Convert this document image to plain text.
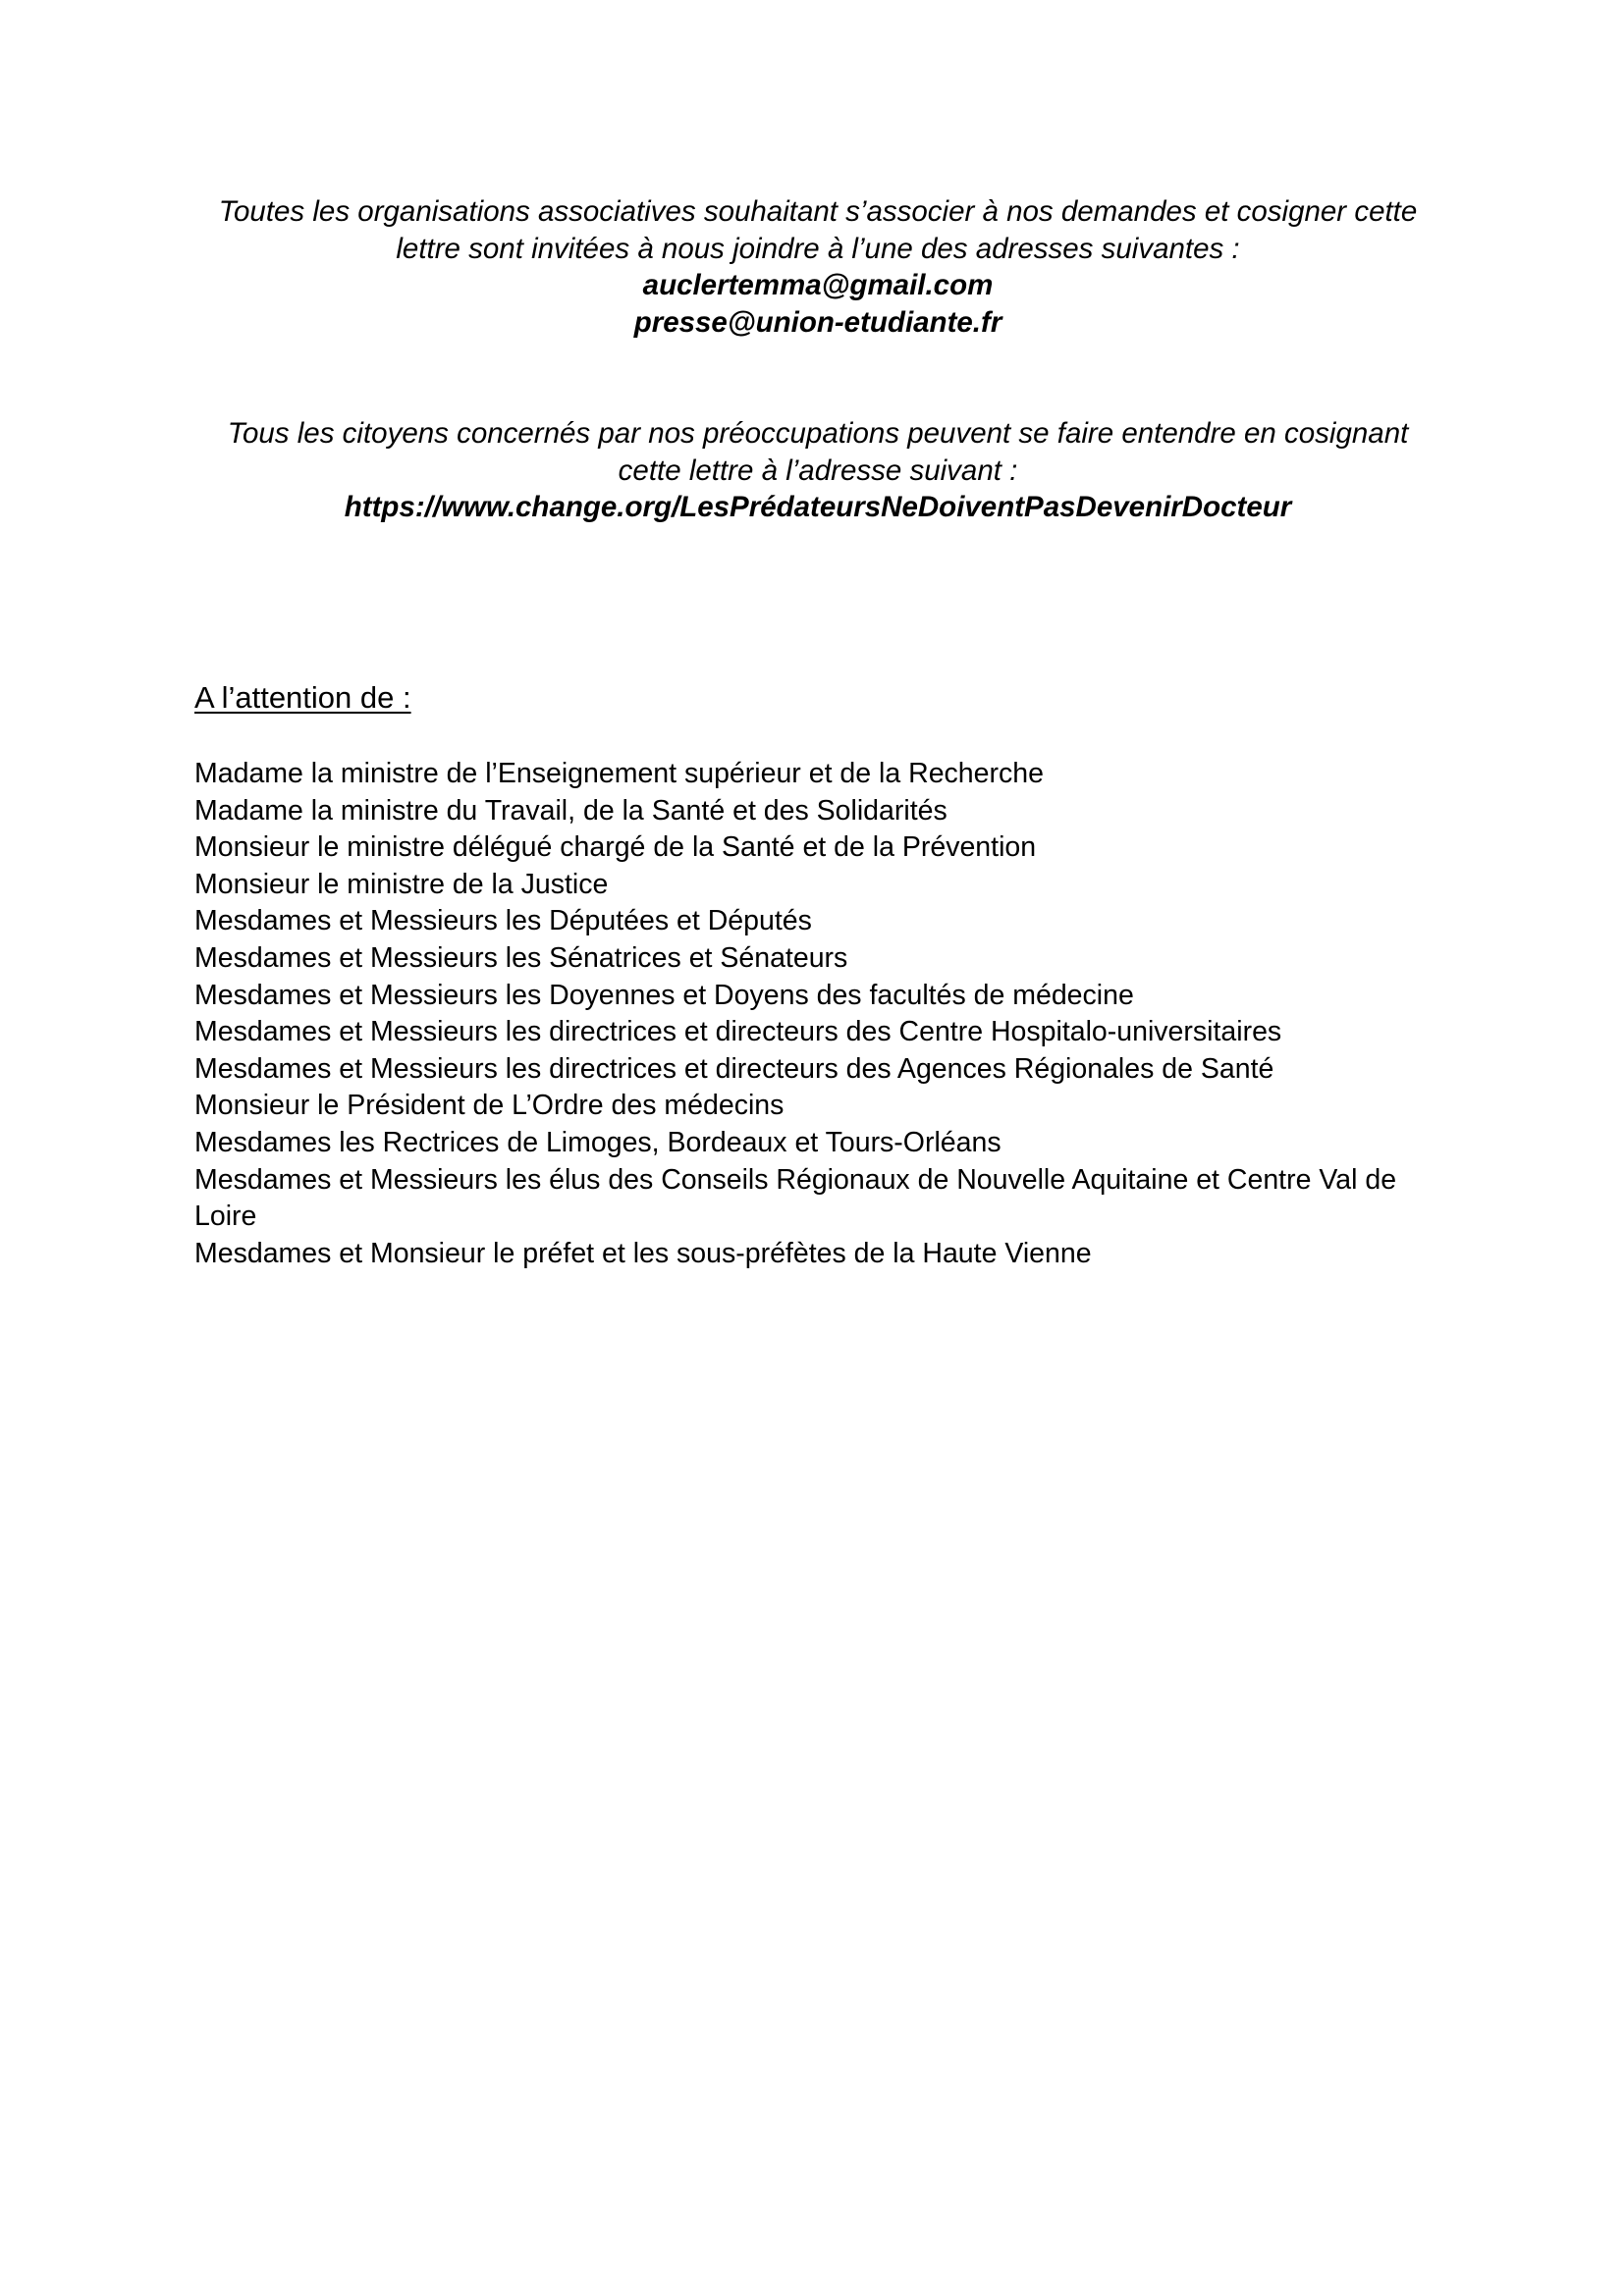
Toutes les organisations associatives souhaitant s’associer à nos demandes et cosigner cette
lettre sont invitées à nous joindre à l’une des adresses suivantes :
auclertemma@gmail.com
presse@union-etudiante.fr
Tous les citoyens concernés par nos préoccupations peuvent se faire entendre en cosignant
cette lettre à l’adresse suivant :
https://www.change.org/LesPrédateursNeDoiventPasDevenirDocteur
A l’attention de :
Madame la ministre de l’Enseignement supérieur et de la Recherche
Madame la ministre du Travail, de la Santé et des Solidarités
Monsieur le ministre délégué chargé de la Santé et de la Prévention
Monsieur le ministre de la Justice
Mesdames et Messieurs les Députées et Députés
Mesdames et Messieurs les Sénatrices et Sénateurs
Mesdames et Messieurs les Doyennes et Doyens des facultés de médecine
Mesdames et Messieurs les directrices et directeurs des Centre Hospitalo-universitaires
Mesdames et Messieurs les directrices et directeurs des Agences Régionales de Santé
Monsieur le Président de L’Ordre des médecins
Mesdames les Rectrices de Limoges, Bordeaux et Tours-Orléans
Mesdames et Messieurs les élus des Conseils Régionaux de Nouvelle Aquitaine et Centre Val de Loire
Mesdames et Monsieur le préfet et les sous-préfètes de la Haute Vienne
